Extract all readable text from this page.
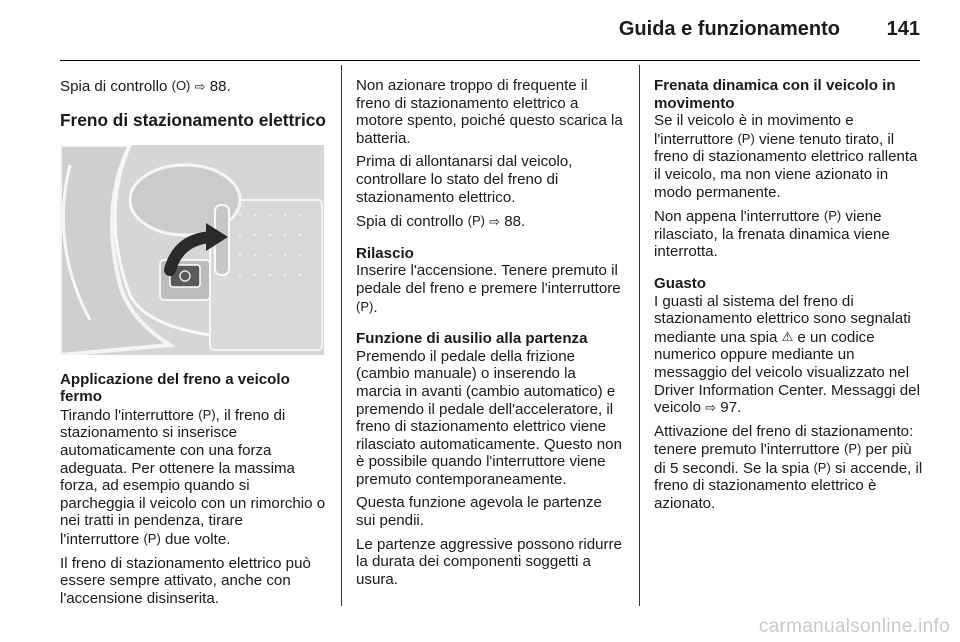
Guida e funzionamento	141

Spia di controllo (O) ⇨ 88.

Freno di stazionamento elettrico

Applicazione del freno a veicolo fermo

Tirando l'interruttore (P), il freno di stazionamento si inserisce automaticamente con una forza adeguata. Per ottenere la massima forza, ad esempio quando si parcheggia il veicolo con un rimorchio o nei tratti in pendenza, tirare l'interruttore (P) due volte.

Il freno di stazionamento elettrico può essere sempre attivato, anche con l'accensione disinserita.

Non azionare troppo di frequente il freno di stazionamento elettrico a motore spento, poiché questo scarica la batteria.

Prima di allontanarsi dal veicolo, controllare lo stato del freno di stazionamento elettrico.

Spia di controllo (P) ⇨ 88.

Rilascio

Inserire l'accensione. Tenere premuto il pedale del freno e premere l'interruttore (P).

Funzione di ausilio alla partenza

Premendo il pedale della frizione (cambio manuale) o inserendo la marcia in avanti (cambio automatico) e premendo il pedale dell'acceleratore, il freno di stazionamento elettrico viene rilasciato automaticamente. Questo non è possibile quando l'interruttore viene premuto contemporaneamente.

Questa funzione agevola le partenze sui pendii.

Le partenze aggressive possono ridurre la durata dei componenti soggetti a usura.

Frenata dinamica con il veicolo in movimento

Se il veicolo è in movimento e l'interruttore (P) viene tenuto tirato, il freno di stazionamento elettrico rallenta il veicolo, ma non viene azionato in modo permanente.

Non appena l'interruttore (P) viene rilasciato, la frenata dinamica viene interrotta.

Guasto

I guasti al sistema del freno di stazionamento elettrico sono segnalati mediante una spia ⚠ e un codice numerico oppure mediante un messaggio del veicolo visualizzato nel Driver Information Center. Messaggi del veicolo ⇨ 97.

Attivazione del freno di stazionamento: tenere premuto l'interruttore (P) per più di 5 secondi. Se la spia (P) si accende, il freno di stazionamento elettrico è azionato.

carmanualsonline.info
